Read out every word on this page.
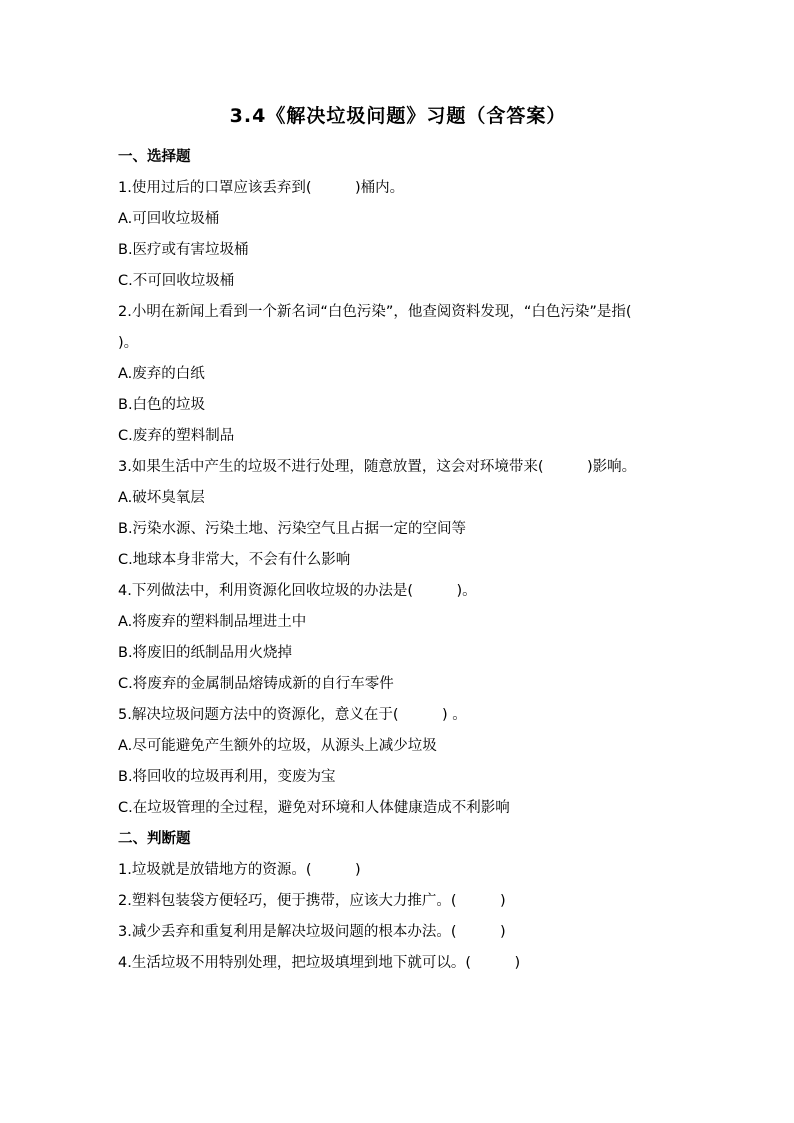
3.4《解决垃圾问题》习题（含答案）
一、选择题
1.使用过后的口罩应该丢弃到(　　　)桶内。
A.可回收垃圾桶
B.医疗或有害垃圾桶
C.不可回收垃圾桶
2.小明在新闻上看到一个新名词“白色污染”，他查阅资料发现，“白色污染”是指(　　　)。
A.废弃的白纸
B.白色的垃圾
C.废弃的塑料制品
3.如果生活中产生的垃圾不进行处理，随意放置，这会对环境带来(　　　)影响。
A.破坏臭氧层
B.污染水源、污染土地、污染空气且占据一定的空间等
C.地球本身非常大，不会有什么影响
4.下列做法中，利用资源化回收垃圾的办法是(　　　)。
A.将废弃的塑料制品埋进土中
B.将废旧的纸制品用火烧掉
C.将废弃的金属制品熔铸成新的自行车零件
5.解决垃圾问题方法中的资源化，意义在于(　　　) 。
A.尽可能避免产生额外的垃圾，从源头上减少垃圾
B.将回收的垃圾再利用，变废为宝
C.在垃圾管理的全过程，避免对环境和人体健康造成不利影响
二、判断题
1.垃圾就是放错地方的资源。(　　　)
2.塑料包装袋方便轻巧，便于携带，应该大力推广。(　　　)
3.减少丢弃和重复利用是解决垃圾问题的根本办法。(　　　)
4.生活垃圾不用特别处理，把垃圾填埋到地下就可以。(　　　)
